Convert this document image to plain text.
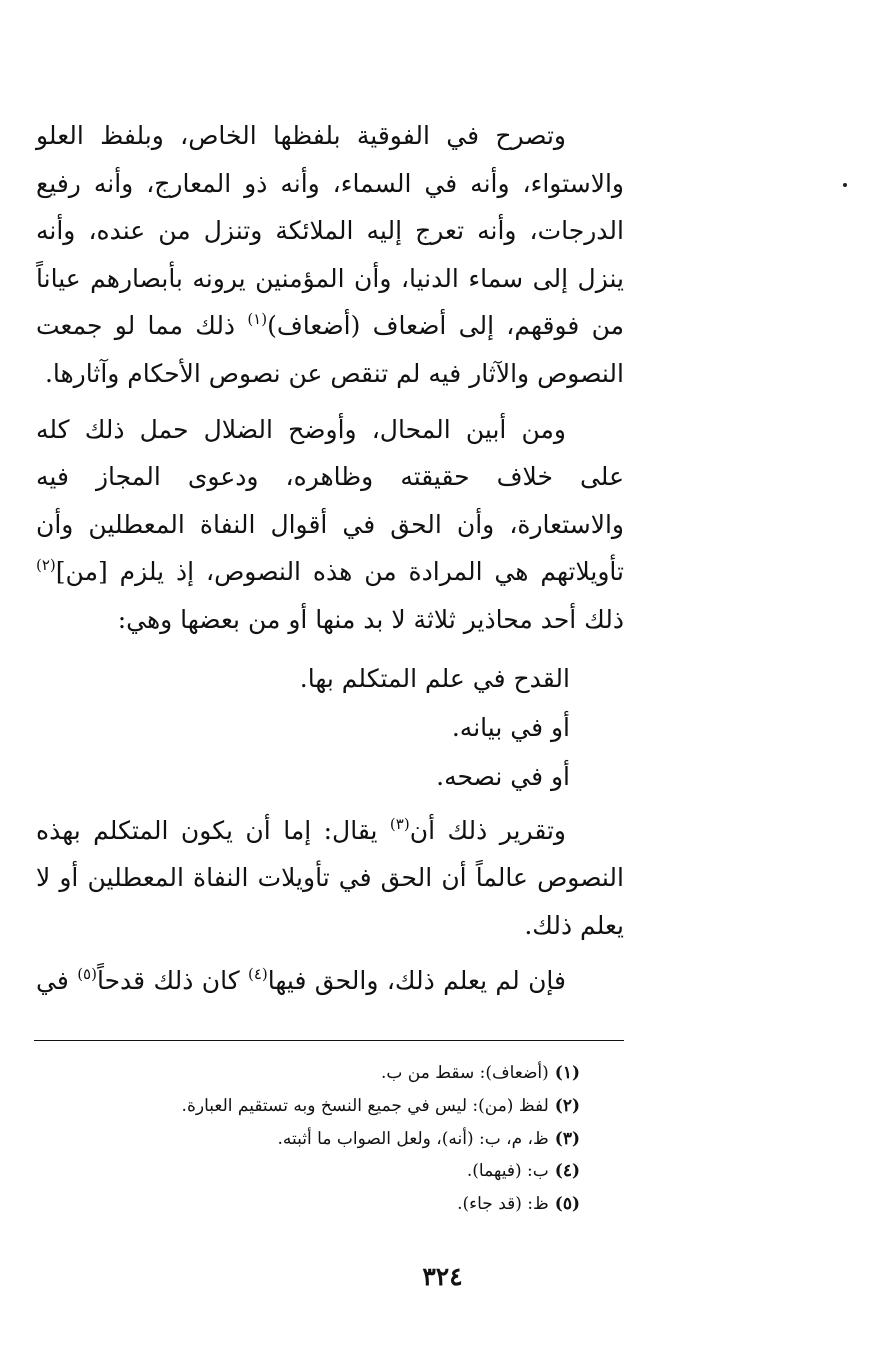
وتصرح في الفوقية بلفظها الخاص، وبلفظ العلو والاستواء، وأنه في السماء، وأنه ذو المعارج، وأنه رفيع الدرجات، وأنه تعرج إليه الملائكة وتنزل من عنده، وأنه ينزل إلى سماء الدنيا، وأن المؤمنين يرونه بأبصارهم عياناً من فوقهم، إلى أضعاف (أضعاف)$^{(١)}$ ذلك مما لو جمعت النصوص والآثار فيه لم تنقص عن نصوص الأحكام وآثارها.

ومن أبين المحال، وأوضح الضلال حمل ذلك كله على خلاف حقيقته وظاهره، ودعوى المجاز فيه والاستعارة، وأن الحق في أقوال النفاة المعطلين وأن تأويلاتهم هي المرادة من هذه النصوص، إذ يلزم [من]$^{(٢)}$ ذلك أحد محاذير ثلاثة لا بد منها أو من بعضها وهي:

القدح في علم المتكلم بها.
أو في بيانه.
أو في نصحه.

وتقرير ذلك أن$^{(٣)}$ يقال: إما أن يكون المتكلم بهذه النصوص عالماً أن الحق في تأويلات النفاة المعطلين أو لا يعلم ذلك.

فإن لم يعلم ذلك، والحق فيها$^{(٤)}$ كان ذلك قدحاً$^{(٥)}$ في

(١)(أضعاف): سقط من ب.
(٢)لفظ (من): ليس في جميع النسخ وبه تستقيم العبارة.
(٣)ظ، م، ب: (أنه)، ولعل الصواب ما أثبته.
(٤)ب: (فيهما).
(٥)ظ: (قد جاء).
٣٢٤
